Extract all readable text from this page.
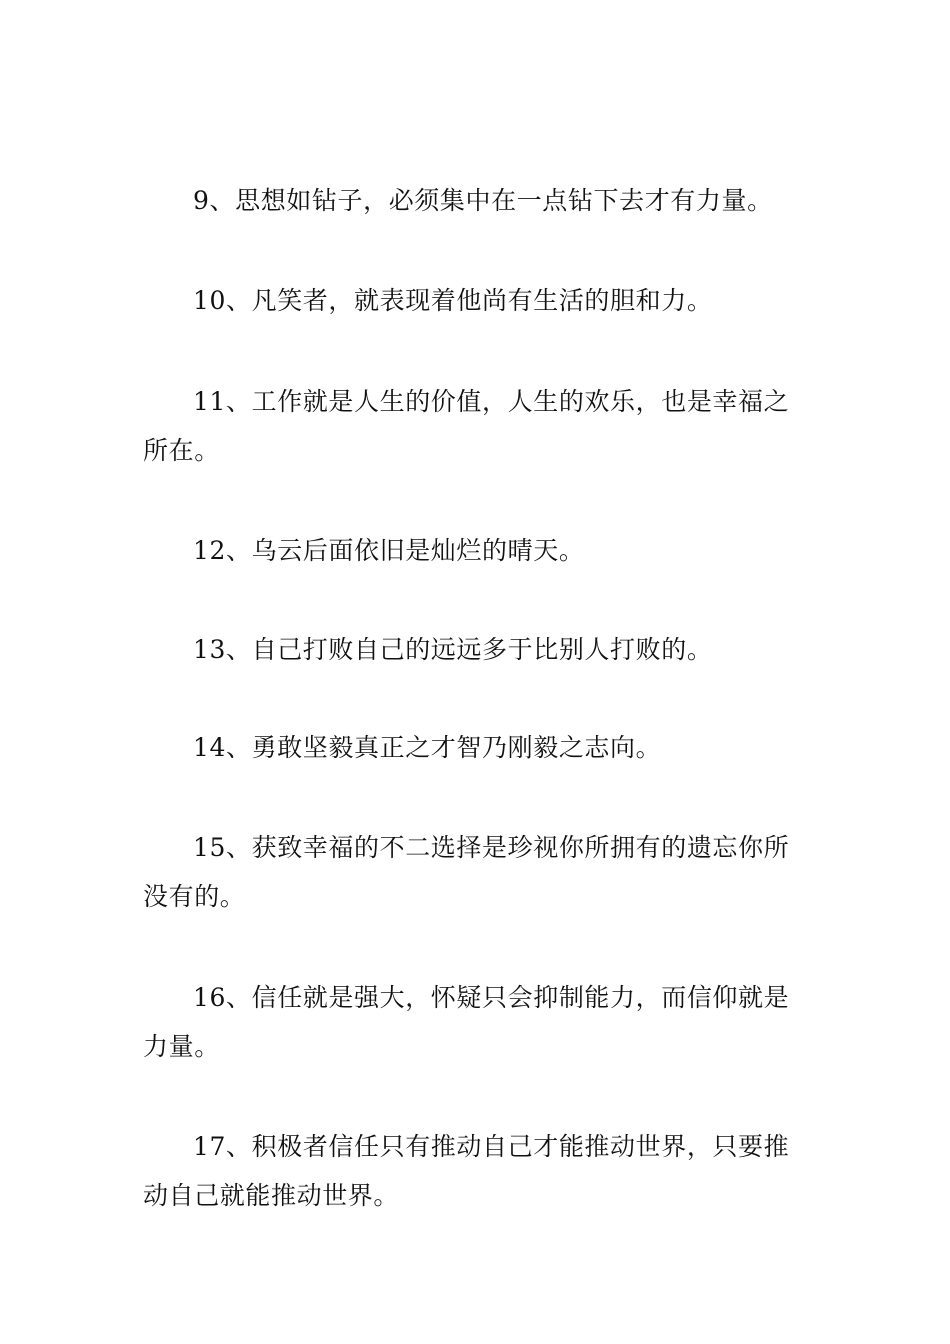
9、思想如钻子，必须集中在一点钻下去才有力量。

10、凡笑者，就表现着他尚有生活的胆和力。

11、工作就是人生的价值，人生的欢乐，也是幸福之所在。

12、乌云后面依旧是灿烂的晴天。

13、自己打败自己的远远多于比别人打败的。

14、勇敢坚毅真正之才智乃刚毅之志向。

15、获致幸福的不二选择是珍视你所拥有的遗忘你所没有的。

16、信任就是强大，怀疑只会抑制能力，而信仰就是力量。

17、积极者信任只有推动自己才能推动世界，只要推动自己就能推动世界。
